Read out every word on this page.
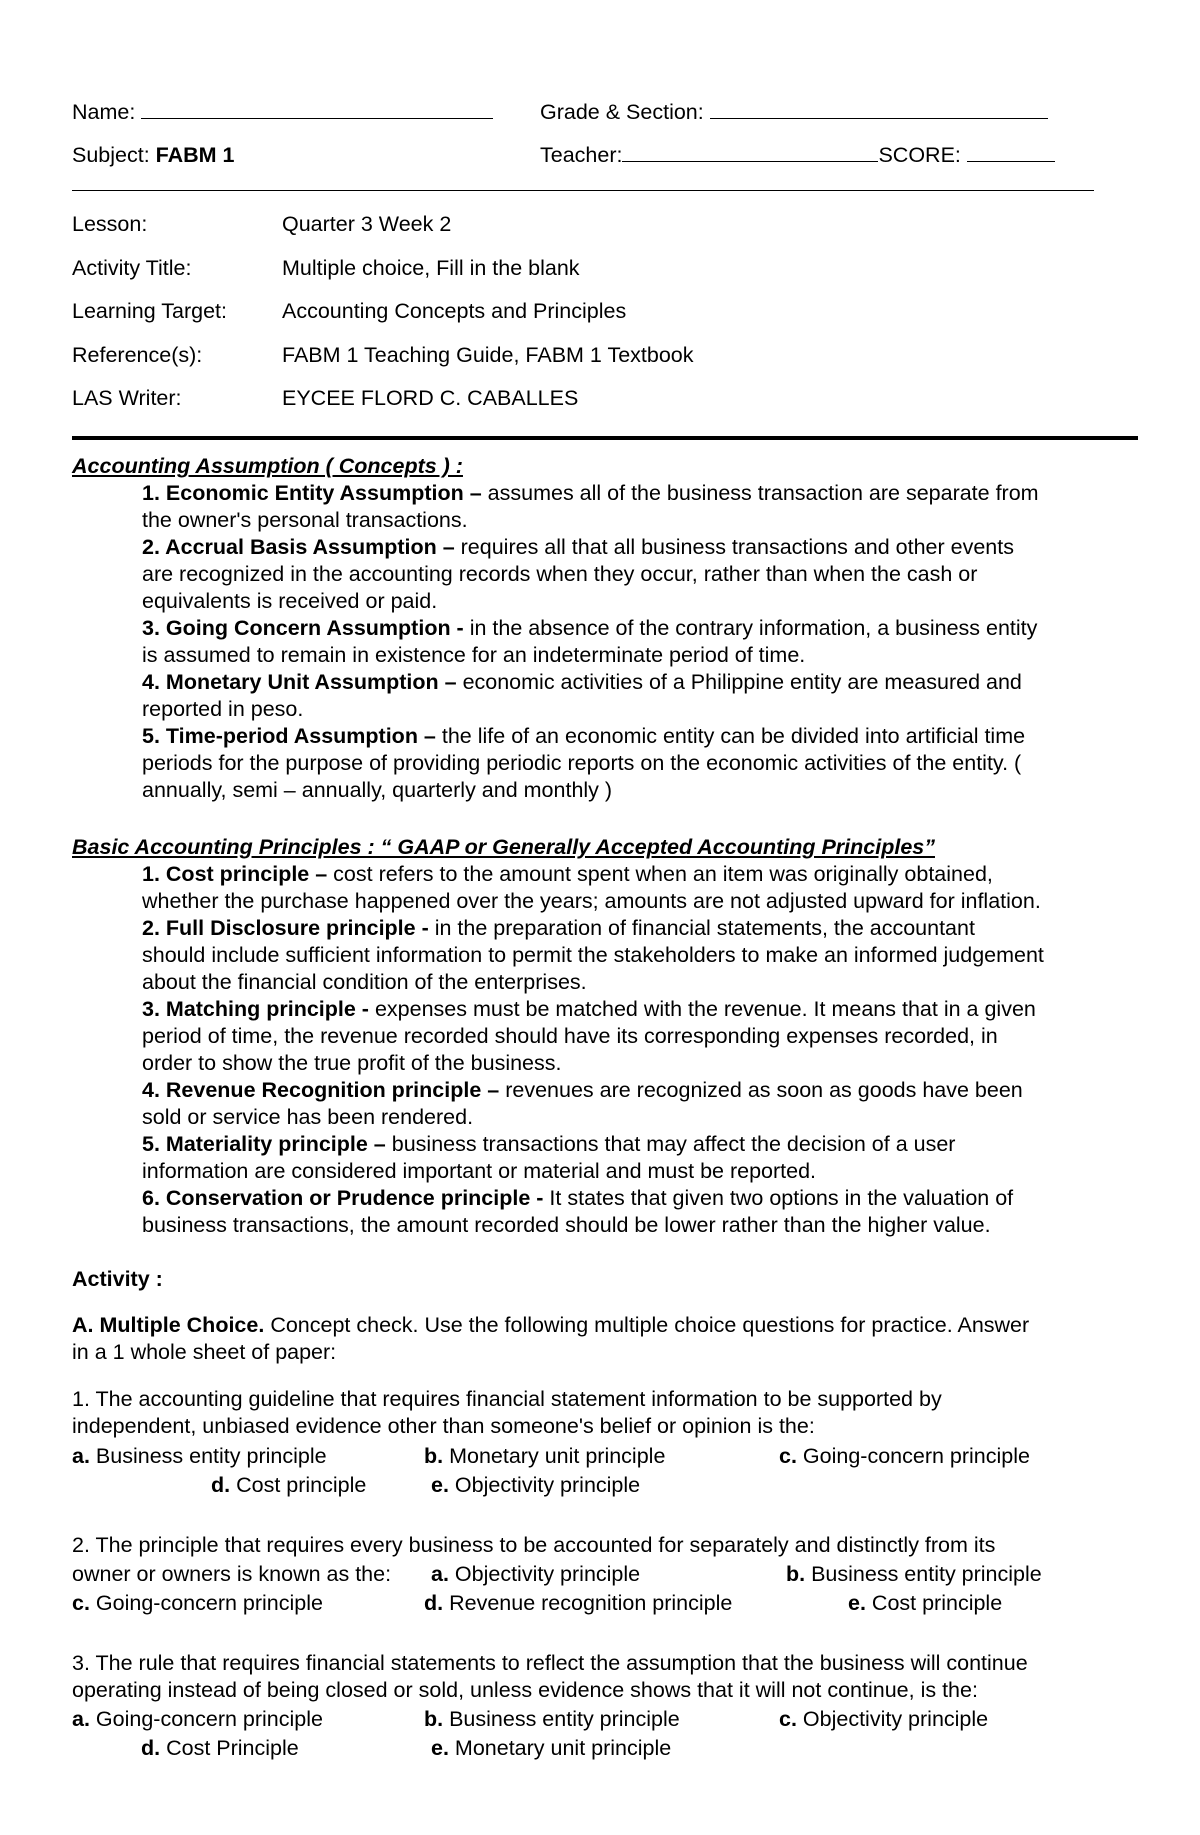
Name:	Grade & Section:
Subject: FABM 1	Teacher:	SCORE:
Lesson:	Quarter 3 Week 2
Activity Title:	Multiple choice, Fill in the blank
Learning Target:	Accounting Concepts and Principles
Reference(s):	FABM 1 Teaching Guide, FABM 1 Textbook
LAS Writer:	EYCEE FLORD C. CABALLES
Accounting Assumption ( Concepts ) :
1. Economic Entity Assumption – assumes all of the business transaction are separate from
the owner's personal transactions.
2. Accrual Basis Assumption – requires all that all business transactions and other events
are recognized in the accounting records when they occur, rather than when the cash or
equivalents is received or paid.
3. Going Concern Assumption - in the absence of the contrary information, a business entity
is assumed to remain in existence for an indeterminate period of time.
4. Monetary Unit Assumption – economic activities of a Philippine entity are measured and
reported in peso.
5. Time-period Assumption – the life of an economic entity can be divided into artificial time
periods for the purpose of providing periodic reports on the economic activities of the entity. (
annually, semi – annually, quarterly and monthly )
Basic Accounting Principles : “ GAAP or Generally Accepted Accounting Principles”
1. Cost principle – cost refers to the amount spent when an item was originally obtained,
whether the purchase happened over the years; amounts are not adjusted upward for inflation.
2. Full Disclosure principle - in the preparation of financial statements, the accountant
should include sufficient information to permit the stakeholders to make an informed judgement
about the financial condition of the enterprises.
3. Matching principle - expenses must be matched with the revenue. It means that in a given
period of time, the revenue recorded should have its corresponding expenses recorded, in
order to show the true profit of the business.
4. Revenue Recognition principle – revenues are recognized as soon as goods have been
sold or service has been rendered.
5. Materiality principle – business transactions that may affect the decision of a user
information are considered important or material and must be reported.
6. Conservation or Prudence principle - It states that given two options in the valuation of
business transactions, the amount recorded should be lower rather than the higher value.
Activity :
A. Multiple Choice. Concept check. Use the following multiple choice questions for practice. Answer
in a 1 whole sheet of paper:
1. The accounting guideline that requires financial statement information to be supported by
independent, unbiased evidence other than someone's belief or opinion is the:
a. Business entity principle	b. Monetary unit principle	c. Going-concern principle
d. Cost principle	e. Objectivity principle
2. The principle that requires every business to be accounted for separately and distinctly from its
owner or owners is known as the: a. Objectivity principle	b. Business entity principle
c. Going-concern principle	d. Revenue recognition principle	e. Cost principle
3. The rule that requires financial statements to reflect the assumption that the business will continue
operating instead of being closed or sold, unless evidence shows that it will not continue, is the:
a. Going-concern principle	b. Business entity principle	c. Objectivity principle
d. Cost Principle	e. Monetary unit principle
